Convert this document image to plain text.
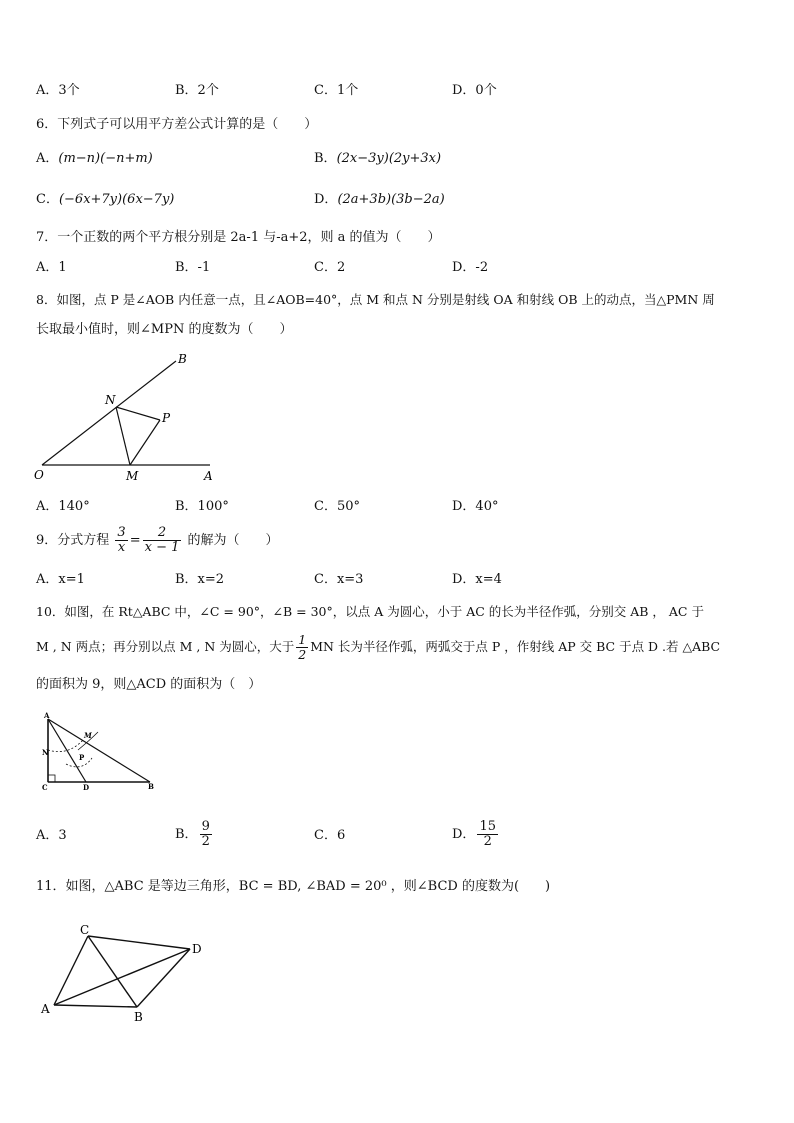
A．3个	B．2个	C．1个	D．0个
6．下列式子可以用平方差公式计算的是（　　）
A．(m−n)(−n+m)	B．(2x−3y)(2y+3x)
C．(−6x+7y)(6x−7y)	D．(2a+3b)(3b−2a)
7．一个正数的两个平方根分别是 2a-1 与-a+2，则 a 的值为（　　）
A．1	B．-1	C．2	D．-2
8．如图，点 P 是∠AOB 内任意一点，且∠AOB=40°，点 M 和点 N 分别是射线 OA 和射线 OB 上的动点，当△PMN 周
长取最小值时，则∠MPN 的度数为（　　）
B
N
P
O	M	A
A．140°	B．100°	C．50°	D．40°
9．分式方程 $\frac{3}{x} = \frac{2}{x - 1}$ 的解为（　　）
A．x=1	B．x=2	C．x=3	D．x=4
10．如图，在 Rt△ABC 中，∠C = 90°，∠B = 30°，以点 A 为圆心，小于 AC 的长为半径作弧，分别交 AB ， AC 于
M , N 两点；再分别以点 M , N 为圆心，大于 $\frac{1}{2}$ MN 长为半径作弧，两弧交于点 P ，作射线 AP 交 BC 于点 D .若 △ABC
的面积为 9，则△ACD 的面积为（　）
A
M
N
P
C	D	B
A．3	B． $\frac{9}{2}$	C．6	D． $\frac{15}{2}$
11．如图，△ABC 是等边三角形，BC = BD, ∠BAD = 20⁰ ，则∠BCD 的度数为(　　)
C
D
A
B
